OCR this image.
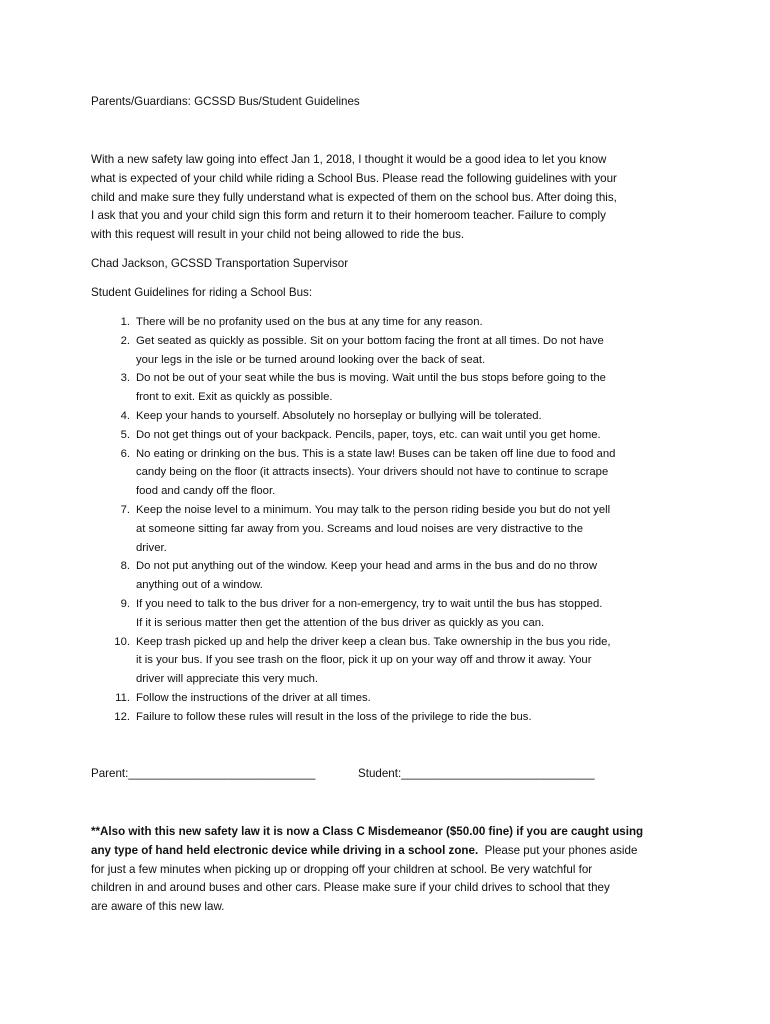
Parents/Guardians: GCSSD Bus/Student Guidelines

With a new safety law going into effect Jan 1, 2018, I thought it would be a good idea to let you know
what is expected of your child while riding a School Bus. Please read the following guidelines with your
child and make sure they fully understand what is expected of them on the school bus. After doing this,
I ask that you and your child sign this form and return it to their homeroom teacher. Failure to comply
with this request will result in your child not being allowed to ride the bus.

Chad Jackson, GCSSD Transportation Supervisor
Student Guidelines for riding a School Bus:
1. There will be no profanity used on the bus at any time for any reason.
2. Get seated as quickly as possible. Sit on your bottom facing the front at all times. Do not have
your legs in the isle or be turned around looking over the back of seat.
3. Do not be out of your seat while the bus is moving. Wait until the bus stops before going to the
front to exit. Exit as quickly as possible.
4. Keep your hands to yourself. Absolutely no horseplay or bullying will be tolerated.
5. Do not get things out of your backpack. Pencils, paper, toys, etc. can wait until you get home.
6. No eating or drinking on the bus. This is a state law! Buses can be taken off line due to food and
candy being on the floor (it attracts insects). Your drivers should not have to continue to scrape
food and candy off the floor.
7. Keep the noise level to a minimum. You may talk to the person riding beside you but do not yell
at someone sitting far away from you. Screams and loud noises are very distractive to the
driver.
8. Do not put anything out of the window. Keep your head and arms in the bus and do no throw
anything out of a window.
9. If you need to talk to the bus driver for a non-emergency, try to wait until the bus has stopped.
If it is serious matter then get the attention of the bus driver as quickly as you can.
10. Keep trash picked up and help the driver keep a clean bus. Take ownership in the bus you ride,
it is your bus. If you see trash on the floor, pick it up on your way off and throw it away. Your
driver will appreciate this very much.
11. Follow the instructions of the driver at all times.
12. Failure to follow these rules will result in the loss of the privilege to ride the bus.
Parent:_____________________________	Student:______________________________

**Also with this new safety law it is now a Class C Misdemeanor ($50.00 fine) if you are caught using
any type of hand held electronic device while driving in a school zone.  Please put your phones aside
for just a few minutes when picking up or dropping off your children at school. Be very watchful for
children in and around buses and other cars. Please make sure if your child drives to school that they
are aware of this new law.
